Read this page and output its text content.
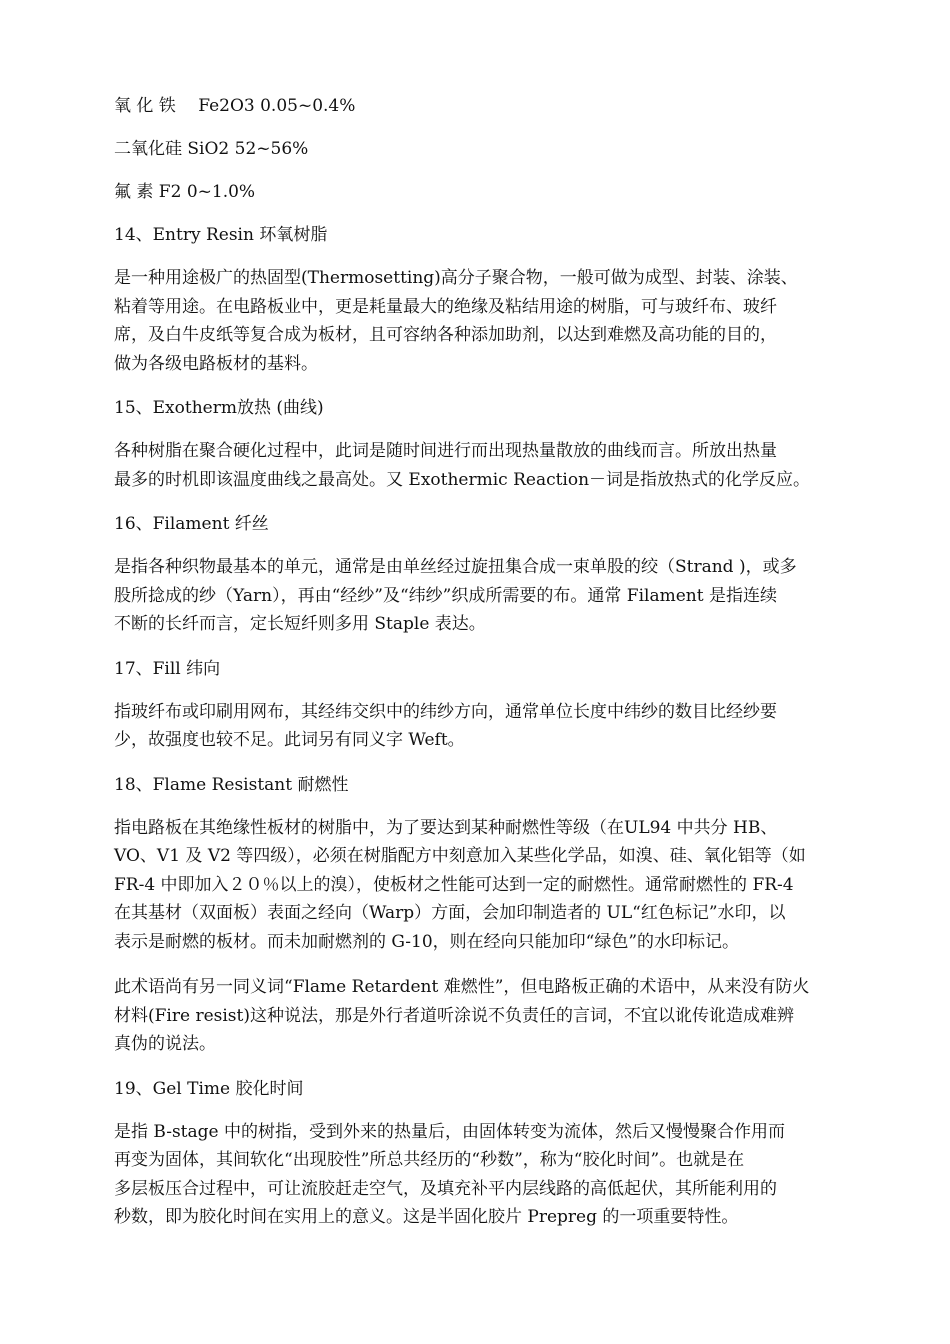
氧 化 铁　 Fe2O3 0.05~0.4%
二氧化硅 SiO2 52~56%
氟 素 F2 0~1.0%
14、Entry Resin 环氧树脂
是一种用途极广的热固型(Thermosetting)高分子聚合物，一般可做为成型、封装、涂装、
粘着等用途。在电路板业中，更是耗量最大的绝缘及粘结用途的树脂，可与玻纤布、玻纤
席，及白牛皮纸等复合成为板材，且可容纳各种添加助剂，以达到难燃及高功能的目的，
做为各级电路板材的基料。
15、Exotherm放热 (曲线)
各种树脂在聚合硬化过程中，此词是随时间进行而出现热量散放的曲线而言。所放出热量
最多的时机即该温度曲线之最高处。又 Exothermic Reaction－词是指放热式的化学反应。
16、Filament 纤丝
是指各种织物最基本的单元，通常是由单丝经过旋扭集合成一束单股的绞（Strand )，或多
股所捻成的纱（Yarn），再由“经纱”及“纬纱”织成所需要的布。通常 Filament 是指连续
不断的长纤而言，定长短纤则多用 Staple 表达。
17、Fill 纬向
指玻纤布或印刷用网布，其经纬交织中的纬纱方向，通常单位长度中纬纱的数目比经纱要
少，故强度也较不足。此词另有同义字 Weft。
18、Flame Resistant 耐燃性
指电路板在其绝缘性板材的树脂中，为了要达到某种耐燃性等级（在UL94 中共分 HB、
VO、V1 及 V2 等四级），必须在树脂配方中刻意加入某些化学品，如溴、硅、氧化铝等（如
FR-4 中即加入２０％以上的溴），使板材之性能可达到一定的耐燃性。通常耐燃性的 FR-4
在其基材（双面板）表面之经向（Warp）方面，会加印制造者的 UL“红色标记”水印，以
表示是耐燃的板材。而未加耐燃剂的 G-10，则在经向只能加印“绿色”的水印标记。
此术语尚有另一同义词“Flame Retardent 难燃性”，但电路板正确的术语中，从来没有防火
材料(Fire resist)这种说法，那是外行者道听涂说不负责任的言词，不宜以讹传讹造成难辨
真伪的说法。
19、Gel Time 胶化时间
是指 B-stage 中的树指，受到外来的热量后，由固体转变为流体，然后又慢慢聚合作用而
再变为固体，其间软化“出现胶性”所总共经历的“秒数”，称为“胶化时间”。也就是在
多层板压合过程中，可让流胶赶走空气，及填充补平内层线路的高低起伏，其所能利用的
秒数，即为胶化时间在实用上的意义。这是半固化胶片 Prepreg 的一项重要特性。
